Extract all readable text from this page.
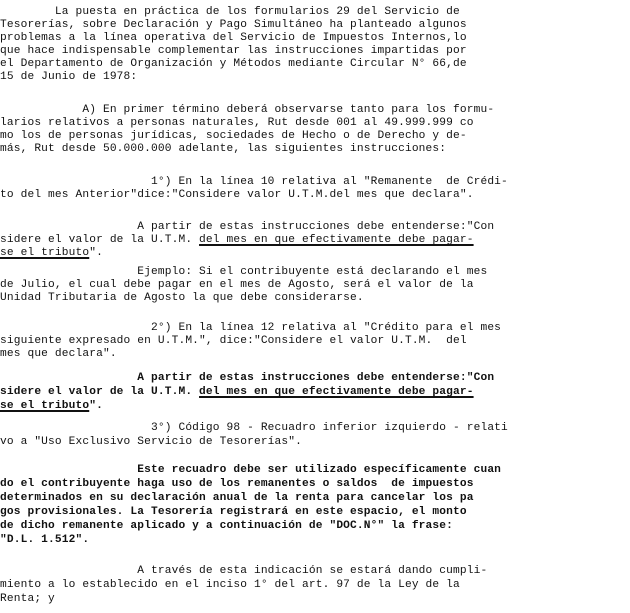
La puesta en práctica de los formularios 29 del Servicio de
Tesorerías, sobre Declaración y Pago Simultáneo ha planteado algunos
problemas a la línea operativa del Servicio de Impuestos Internos,lo
que hace indispensable complementar las instrucciones impartidas por
el Departamento de Organización y Métodos mediante Circular N° 66,de
15 de Junio de 1978:
A) En primer término deberá observarse tanto para los formu-
larios relativos a personas naturales, Rut desde 001 al 49.999.999 co
mo los de personas jurídicas, sociedades de Hecho o de Derecho y de-
más, Rut desde 50.000.000 adelante, las siguientes instrucciones:
1°) En la línea 10 relativa al "Remanente  de Crédi-
to del mes Anterior"dice:"Considere valor U.T.M.del mes que declara".
A partir de estas instrucciones debe entenderse:"Con
sidere el valor de la U.T.M. del mes en que efectivamente debe pagar-
se el tributo".
Ejemplo: Si el contribuyente está declarando el mes
de Julio, el cual debe pagar en el mes de Agosto, será el valor de la
Unidad Tributaria de Agosto la que debe considerarse.
2°) En la línea 12 relativa al "Crédito para el mes
siguiente expresado en U.T.M.", dice:"Considere el valor U.T.M.  del
mes que declara".
A partir de estas instrucciones debe entenderse:"Con
sidere el valor de la U.T.M. del mes en que efectivamente debe pagar-
se el tributo".
3°) Código 98 - Recuadro inferior izquierdo - relati
vo a "Uso Exclusivo Servicio de Tesorerías".
Este recuadro debe ser utilizado específicamente cuan
do el contribuyente haga uso de los remanentes o saldos  de impuestos
determinados en su declaración anual de la renta para cancelar los pa
gos provisionales. La Tesorería registrará en este espacio, el monto
de dicho remanente aplicado y a continuación de "DOC.N°" la frase:
"D.L. 1.512".
A través de esta indicación se estará dando cumpli-
miento a lo establecido en el inciso 1° del art. 97 de la Ley de la
Renta; y
